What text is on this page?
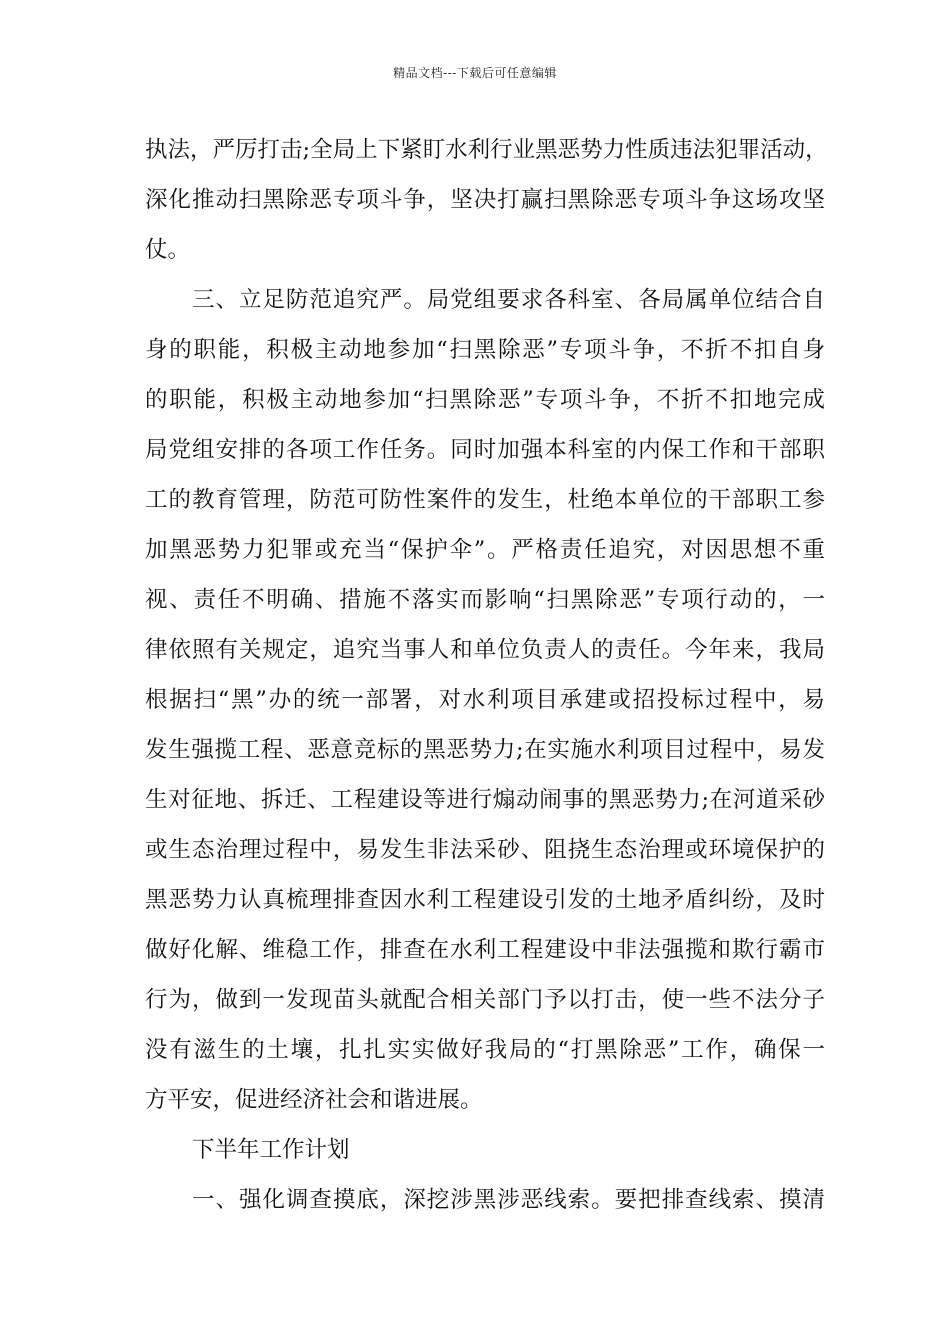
精品文档---下载后可任意编辑
执法，严厉打击;全局上下紧盯水利行业黑恶势力性质违法犯罪活动，
深化推动扫黑除恶专项斗争，坚决打赢扫黑除恶专项斗争这场攻坚
仗。
三、立足防范追究严。局党组要求各科室、各局属单位结合自
身的职能，积极主动地参加“扫黑除恶”专项斗争，不折不扣自身
的职能，积极主动地参加“扫黑除恶”专项斗争，不折不扣地完成
局党组安排的各项工作任务。同时加强本科室的内保工作和干部职
工的教育管理，防范可防性案件的发生，杜绝本单位的干部职工参
加黑恶势力犯罪或充当“保护伞”。严格责任追究，对因思想不重
视、责任不明确、措施不落实而影响“扫黑除恶”专项行动的，一
律依照有关规定，追究当事人和单位负责人的责任。今年来，我局
根据扫“黑”办的统一部署，对水利项目承建或招投标过程中，易
发生强揽工程、恶意竞标的黑恶势力;在实施水利项目过程中，易发
生对征地、拆迁、工程建设等进行煽动闹事的黑恶势力;在河道采砂
或生态治理过程中，易发生非法采砂、阻挠生态治理或环境保护的
黑恶势力认真梳理排查因水利工程建设引发的土地矛盾纠纷，及时
做好化解、维稳工作，排查在水利工程建设中非法强揽和欺行霸市
行为，做到一发现苗头就配合相关部门予以打击，使一些不法分子
没有滋生的土壤，扎扎实实做好我局的“打黑除恶”工作，确保一
方平安，促进经济社会和谐进展。
下半年工作计划
一、强化调查摸底，深挖涉黑涉恶线索。要把排查线索、摸清
